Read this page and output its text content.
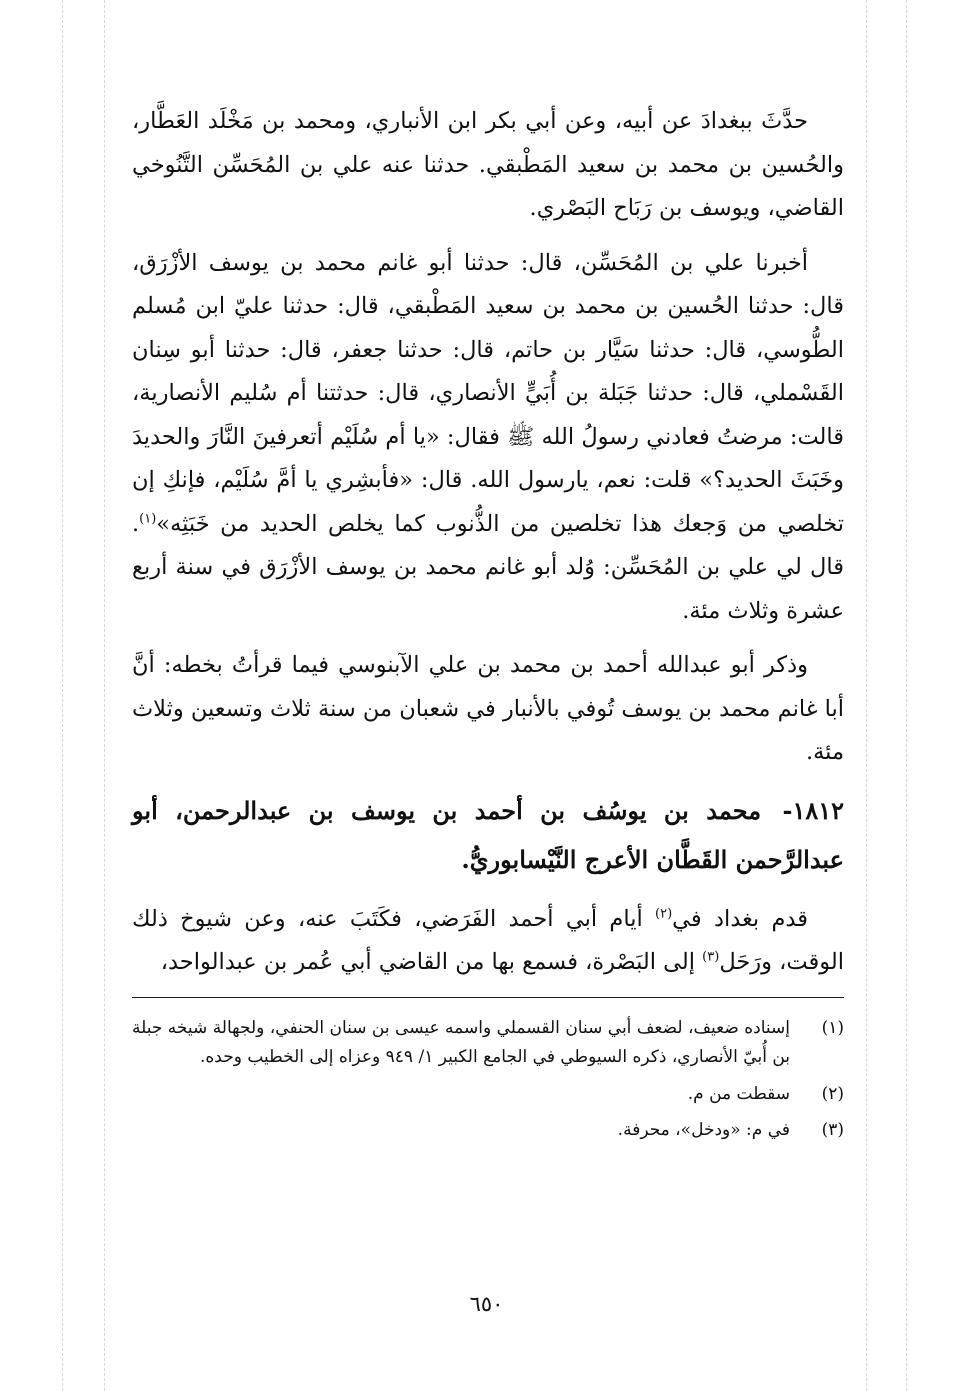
حدَّثَ ببغدادَ عن أبيه، وعن أبي بكر ابن الأنباري، ومحمد بن مَخْلَد العَطَّار، والحُسين بن محمد بن سعيد المَطْبقي. حدثنا عنه علي بن المُحَسِّن التَّنُوخي القاضي، ويوسف بن رَبَاح البَصْري.

أخبرنا علي بن المُحَسِّن، قال: حدثنا أبو غانم محمد بن يوسف الأزْرَق، قال: حدثنا الحُسين بن محمد بن سعيد المَطْبقي، قال: حدثنا عليّ ابن مُسلم الطُّوسي، قال: حدثنا سَيَّار بن حاتم، قال: حدثنا جعفر، قال: حدثنا أبو سِنان القَسْملي، قال: حدثنا جَبَلة بن أُبَيٍّ الأنصاري، قال: حدثتنا أم سُليم الأنصارية، قالت: مرضتُ فعادني رسولُ الله ﷺ فقال: «يا أم سُلَيْم أتعرفينَ النَّارَ والحديدَ وخَبَثَ الحديد؟» قلت: نعم، يارسول الله. قال: «فأبشِري يا أمَّ سُلَيْم، فإنكِ إن تخلصي من وَجعك هذا تخلصين من الذُّنوب كما يخلص الحديد من خَبَثِه»$^{(١)}$. قال لي علي بن المُحَسِّن: وُلد أبو غانم محمد بن يوسف الأزْرَق في سنة أربع عشرة وثلاث مئة.

وذكر أبو عبدالله أحمد بن محمد بن علي الآبنوسي فيما قرأتُ بخطه: أنَّ أبا غانم محمد بن يوسف تُوفي بالأنبار في شعبان من سنة ثلاث وتسعين وثلاث مئة.

١٨١٢- محمد بن يوسُف بن أحمد بن يوسف بن عبدالرحمن، أبو عبدالرَّحمن القَطَّان الأعرج النَّيْسابوريُّ.

قدم بغداد في$^{(٢)}$ أيام أبي أحمد الفَرَضي، فكَتَبَ عنه، وعن شيوخ ذلك الوقت، ورَحَل$^{(٣)}$ إلى البَصْرة، فسمع بها من القاضي أبي عُمر بن عبدالواحد،

(١)
إسناده ضعيف، لضعف أبي سنان القسملي واسمه عيسى بن سنان الحنفي، ولجهالة شيخه جبلة بن أُبيّ الأنصاري، ذكره السيوطي في الجامع الكبير ١/ ٩٤٩ وعزاه إلى الخطيب وحده.
(٢)
سقطت من م.
(٣)
في م: «ودخل»، محرفة.
٦٥٠
